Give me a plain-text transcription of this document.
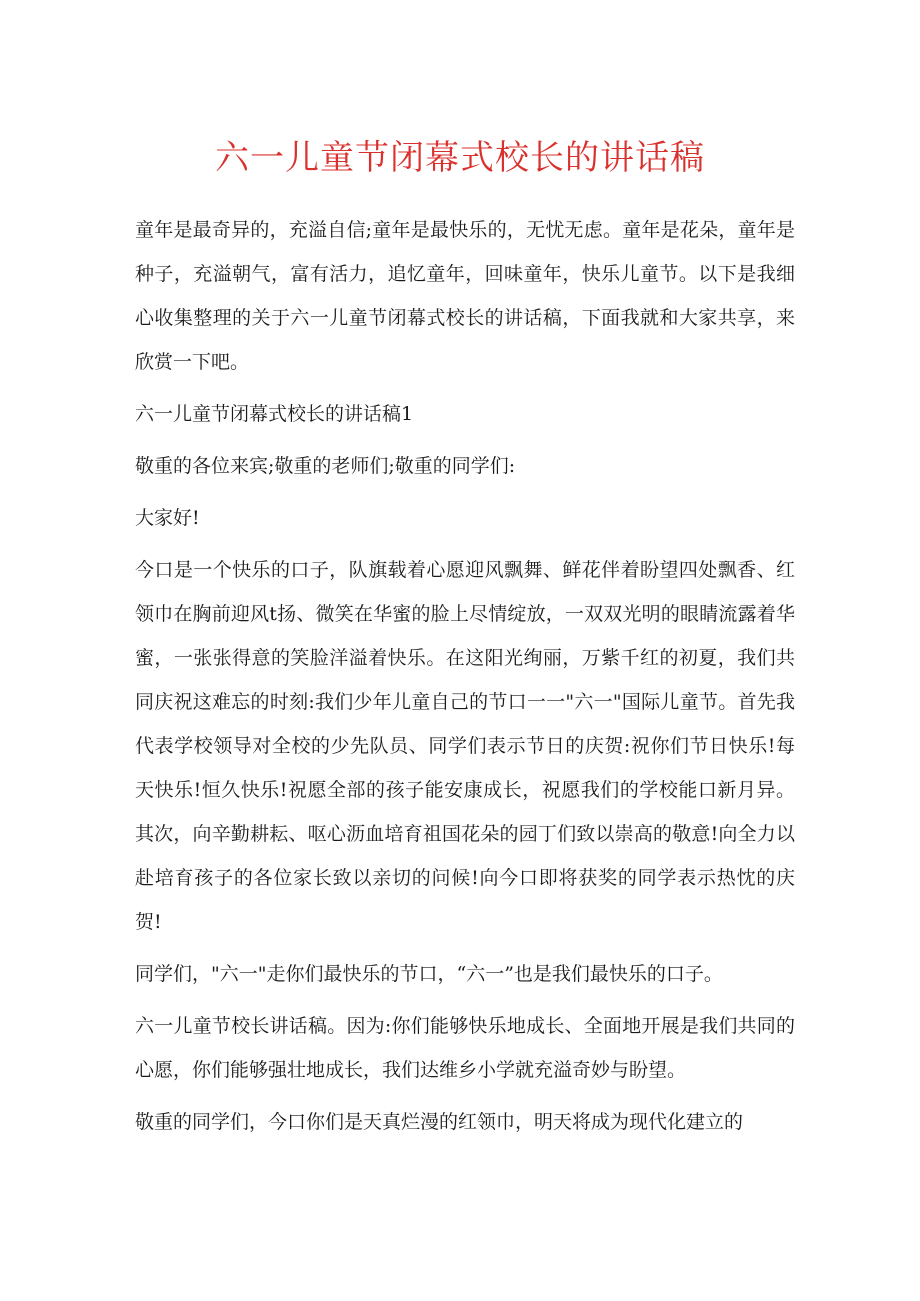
六一儿童节闭幕式校长的讲话稿

童年是最奇异的，充溢自信;童年是最快乐的，无忧无虑。童年是花朵，童年是种子，充溢朝气，富有活力，追忆童年，回味童年，快乐儿童节。以下是我细心收集整理的关于六一儿童节闭幕式校长的讲话稿，下面我就和大家共享，来欣赏一下吧。

六一儿童节闭幕式校长的讲话稿1

敬重的各位来宾;敬重的老师们;敬重的同学们:

大家好!

今口是一个快乐的口子，队旗载着心愿迎风飘舞、鲜花伴着盼望四处飘香、红领巾在胸前迎风t扬、微笑在华蜜的脸上尽情绽放，一双双光明的眼睛流露着华蜜，一张张得意的笑脸洋溢着快乐。在这阳光绚丽，万紫千红的初夏，我们共同庆祝这难忘的时刻:我们少年儿童自己的节口一一"六一"国际儿童节。首先我代表学校领导对全校的少先队员、同学们表示节日的庆贺:祝你们节日快乐!每天快乐!恒久快乐!祝愿全部的孩子能安康成长，祝愿我们的学校能口新月异。其次，向辛勤耕耘、呕心沥血培育祖国花朵的园丁们致以崇高的敬意!向全力以赴培育孩子的各位家长致以亲切的问候!向今口即将获奖的同学表示热忱的庆贺!

同学们，"六一"走你们最快乐的节口，“六一”也是我们最快乐的口子。

六一儿童节校长讲话稿。因为:你们能够快乐地成长、全面地开展是我们共同的心愿，你们能够强壮地成长，我们达维乡小学就充溢奇妙与盼望。

敬重的同学们，今口你们是天真烂漫的红领巾，明天将成为现代化建立的
